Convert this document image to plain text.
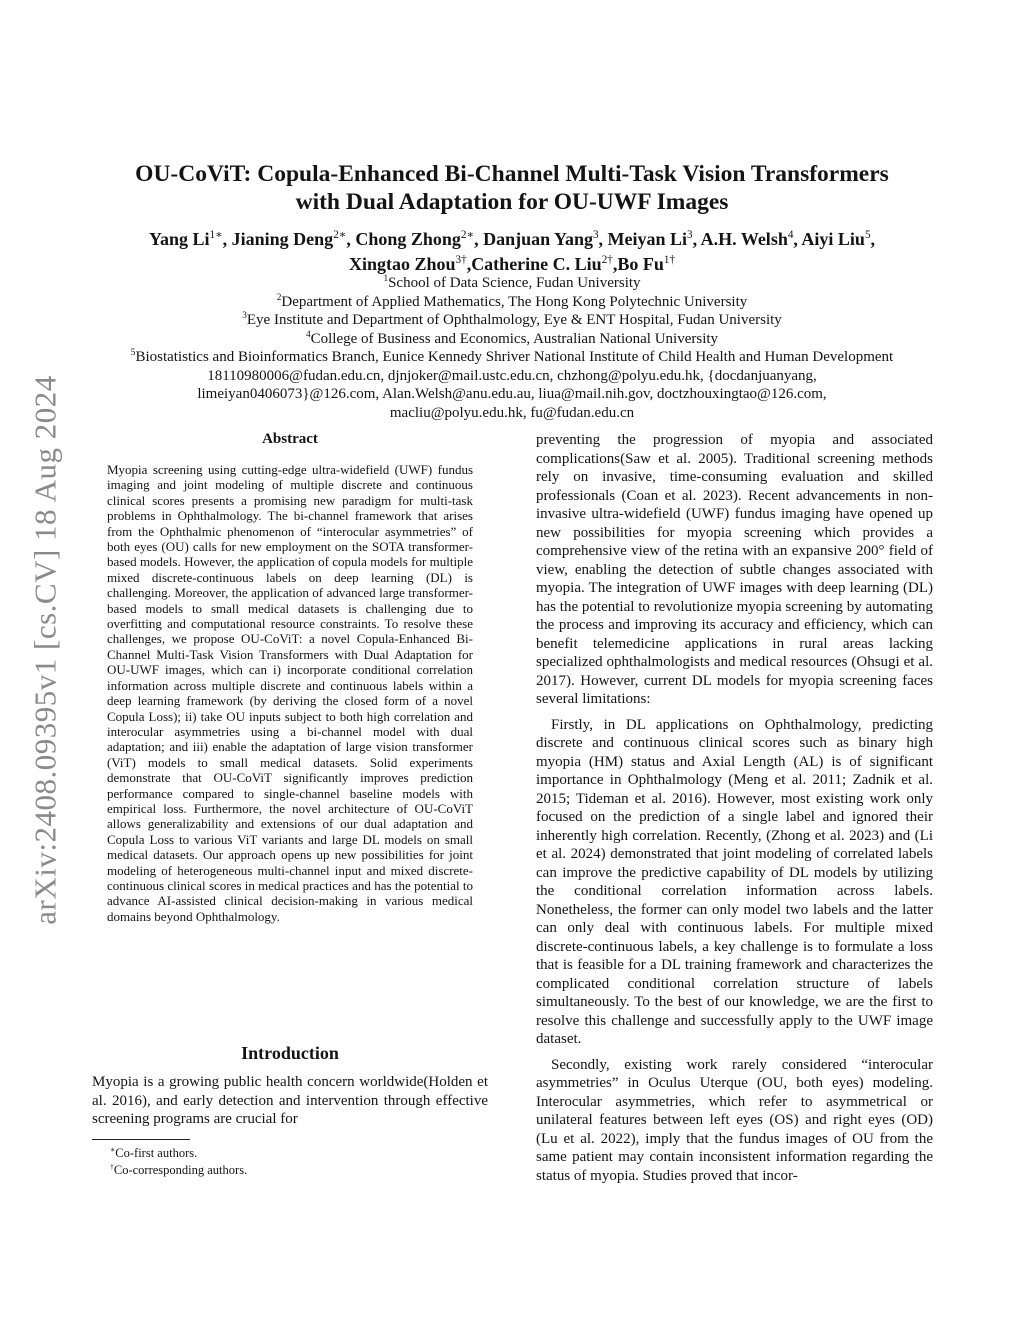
arXiv:2408.09395v1 [cs.CV] 18 Aug 2024
OU-CoViT: Copula-Enhanced Bi-Channel Multi-Task Vision Transformers
with Dual Adaptation for OU-UWF Images
Yang $Li^{1∗}$, Jianing Deng$^{2∗}$, Chong Zhong$^{2∗}$, Danjuan Yang$^3$, Meiyan Li$^3$, A.H. Welsh$^4$, Aiyi Liu$^5$,
Xingtao Zhou$^{3\dagger}$,Catherine C. Liu$^{2\dagger}$,Bo $Fu^{1\dagger}$
$^1$School of Data Science, Fudan University
$^2$Department of Applied Mathematics, The Hong Kong Polytechnic University
$^3$Eye Institute and Department of Ophthalmology, Eye & ENT Hospital, Fudan University
$^4$College of Business and Economics, Australian National University
$^5$Biostatistics and Bioinformatics Branch, Eunice Kennedy Shriver National Institute of Child Health and Human Development
18110980006@fudan.edu.cn, djnjoker@mail.ustc.edu.cn, chzhong@polyu.edu.hk, {docdanjuanyang,
limeiyan0406073}@126.com, Alan.Welsh@anu.edu.au, liua@mail.nih.gov, doctzhouxingtao@126.com,
macliu@polyu.edu.hk, fu@fudan.edu.cn
Abstract
Myopia screening using cutting-edge ultra-widefield (UWF) fundus imaging and joint modeling of multiple discrete and continuous clinical scores presents a promising new paradigm for multi-task problems in Ophthalmology. The bi-channel framework that arises from the Ophthalmic phenomenon of “interocular asymmetries” of both eyes (OU) calls for new employment on the SOTA transformer-based models. However, the application of copula models for multiple mixed discrete-continuous labels on deep learning (DL) is challenging. Moreover, the application of advanced large transformer-based models to small medical datasets is challenging due to overfitting and computational resource constraints. To resolve these challenges, we propose OU-CoViT: a novel Copula-Enhanced Bi-Channel Multi-Task Vision Transformers with Dual Adaptation for OU-UWF images, which can i) incorporate conditional correlation information across multiple discrete and continuous labels within a deep learning framework (by deriving the closed form of a novel Copula Loss); ii) take OU inputs subject to both high correlation and interocular asymmetries using a bi-channel model with dual adaptation; and iii) enable the adaptation of large vision transformer (ViT) models to small medical datasets. Solid experiments demonstrate that OU-CoViT significantly improves prediction performance compared to single-channel baseline models with empirical loss. Furthermore, the novel architecture of OU-CoViT allows generalizability and extensions of our dual adaptation and Copula Loss to various ViT variants and large DL models on small medical datasets. Our approach opens up new possibilities for joint modeling of heterogeneous multi-channel input and mixed discrete-continuous clinical scores in medical practices and has the potential to advance AI-assisted clinical decision-making in various medical domains beyond Ophthalmology.
Introduction
Myopia is a growing public health concern worldwide(Holden et al. 2016), and early detection and intervention through effective screening programs are crucial for
∗Co-first authors.
†Co-corresponding authors.

preventing the progression of myopia and associated complications(Saw et al. 2005). Traditional screening methods rely on invasive, time-consuming evaluation and skilled professionals (Coan et al. 2023). Recent advancements in non-invasive ultra-widefield (UWF) fundus imaging have opened up new possibilities for myopia screening which provides a comprehensive view of the retina with an expansive 200° field of view, enabling the detection of subtle changes associated with myopia. The integration of UWF images with deep learning (DL) has the potential to revolutionize myopia screening by automating the process and improving its accuracy and efficiency, which can benefit telemedicine applications in rural areas lacking specialized ophthalmologists and medical resources (Ohsugi et al. 2017). However, current DL models for myopia screening faces several limitations:

Firstly, in DL applications on Ophthalmology, predicting discrete and continuous clinical scores such as binary high myopia (HM) status and Axial Length (AL) is of significant importance in Ophthalmology (Meng et al. 2011; Zadnik et al. 2015; Tideman et al. 2016). However, most existing work only focused on the prediction of a single label and ignored their inherently high correlation. Recently, (Zhong et al. 2023) and (Li et al. 2024) demonstrated that joint modeling of correlated labels can improve the predictive capability of DL models by utilizing the conditional correlation information across labels. Nonetheless, the former can only model two labels and the latter can only deal with continuous labels. For multiple mixed discrete-continuous labels, a key challenge is to formulate a loss that is feasible for a DL training framework and characterizes the complicated conditional correlation structure of labels simultaneously. To the best of our knowledge, we are the first to resolve this challenge and successfully apply to the UWF image dataset.

Secondly, existing work rarely considered “interocular asymmetries” in Oculus Uterque (OU, both eyes) modeling. Interocular asymmetries, which refer to asymmetrical or unilateral features between left eyes (OS) and right eyes (OD) (Lu et al. 2022), imply that the fundus images of OU from the same patient may contain inconsistent information regarding the status of myopia. Studies proved that incor-
